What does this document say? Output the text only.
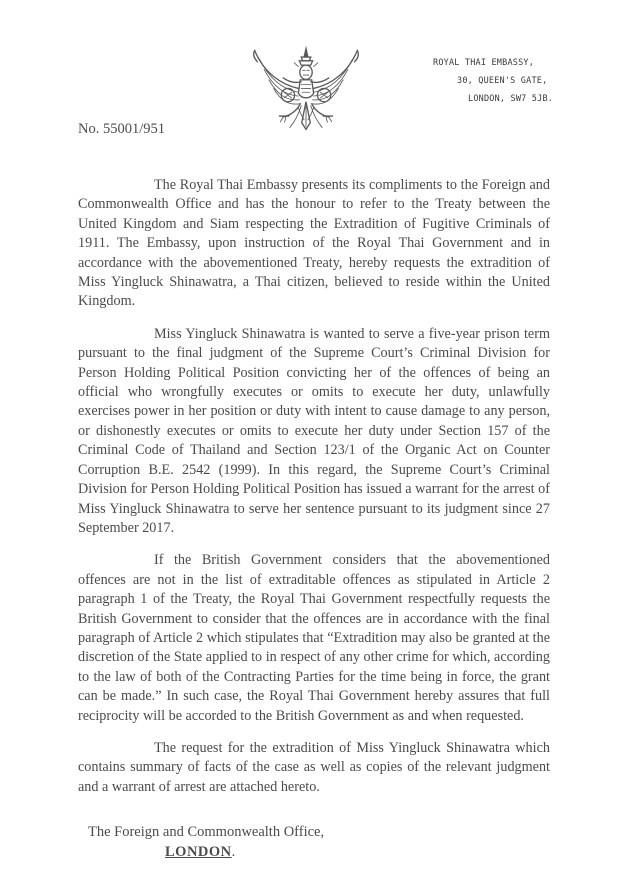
ROYAL THAI EMBASSY,
30, QUEEN'S GATE,
LONDON, SW7 5JB.
No. 55001/951

The Royal Thai Embassy presents its compliments to the Foreign and Commonwealth Office and has the honour to refer to the Treaty between the United Kingdom and Siam respecting the Extradition of Fugitive Criminals of 1911. The Embassy, upon instruction of the Royal Thai Government and in accordance with the abovementioned Treaty, hereby requests the extradition of Miss Yingluck Shinawatra, a Thai citizen, believed to reside within the United Kingdom.

Miss Yingluck Shinawatra is wanted to serve a five-year prison term pursuant to the final judgment of the Supreme Court’s Criminal Division for Person Holding Political Position convicting her of the offences of being an official who wrongfully executes or omits to execute her duty, unlawfully exercises power in her position or duty with intent to cause damage to any person, or dishonestly executes or omits to execute her duty under Section 157 of the Criminal Code of Thailand and Section 123/1 of the Organic Act on Counter Corruption B.E. 2542 (1999). In this regard, the Supreme Court’s Criminal Division for Person Holding Political Position has issued a warrant for the arrest of Miss Yingluck Shinawatra to serve her sentence pursuant to its judgment since 27 September 2017.

If the British Government considers that the abovementioned offences are not in the list of extraditable offences as stipulated in Article 2 paragraph 1 of the Treaty, the Royal Thai Government respectfully requests the British Government to consider that the offences are in accordance with the final paragraph of Article 2 which stipulates that “Extradition may also be granted at the discretion of the State applied to in respect of any other crime for which, according to the law of both of the Contracting Parties for the time being in force, the grant can be made.” In such case, the Royal Thai Government hereby assures that full reciprocity will be accorded to the British Government as and when requested.

The request for the extradition of Miss Yingluck Shinawatra which contains summary of facts of the case as well as copies of the relevant judgment and a warrant of arrest are attached hereto.

The Foreign and Commonwealth Office,
LONDON.
